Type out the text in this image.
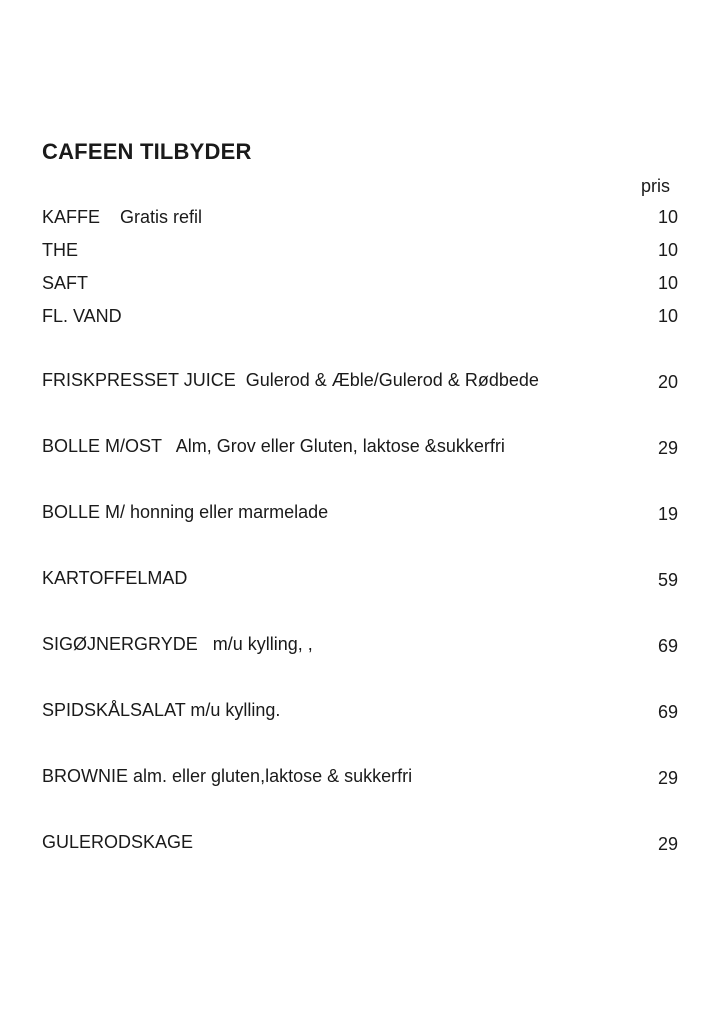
CAFEEN TILBYDER
pris
KAFFE    Gratis refil	10
THE	10
SAFT	10
FL. VAND	10
FRISKPRESSET JUICE  Gulerod & Æble/Gulerod & Rødbede	20
BOLLE M/OST   Alm, Grov eller Gluten, laktose &sukkerfri	29
BOLLE M/ honning eller marmelade	19
KARTOFFELMAD	59
SIGØJNERGRYDE   m/u kylling, ,	69
SPIDSKÅLSALAT m/u kylling.	69
BROWNIE alm. eller gluten,laktose & sukkerfri	29
GULERODSKAGE	29
